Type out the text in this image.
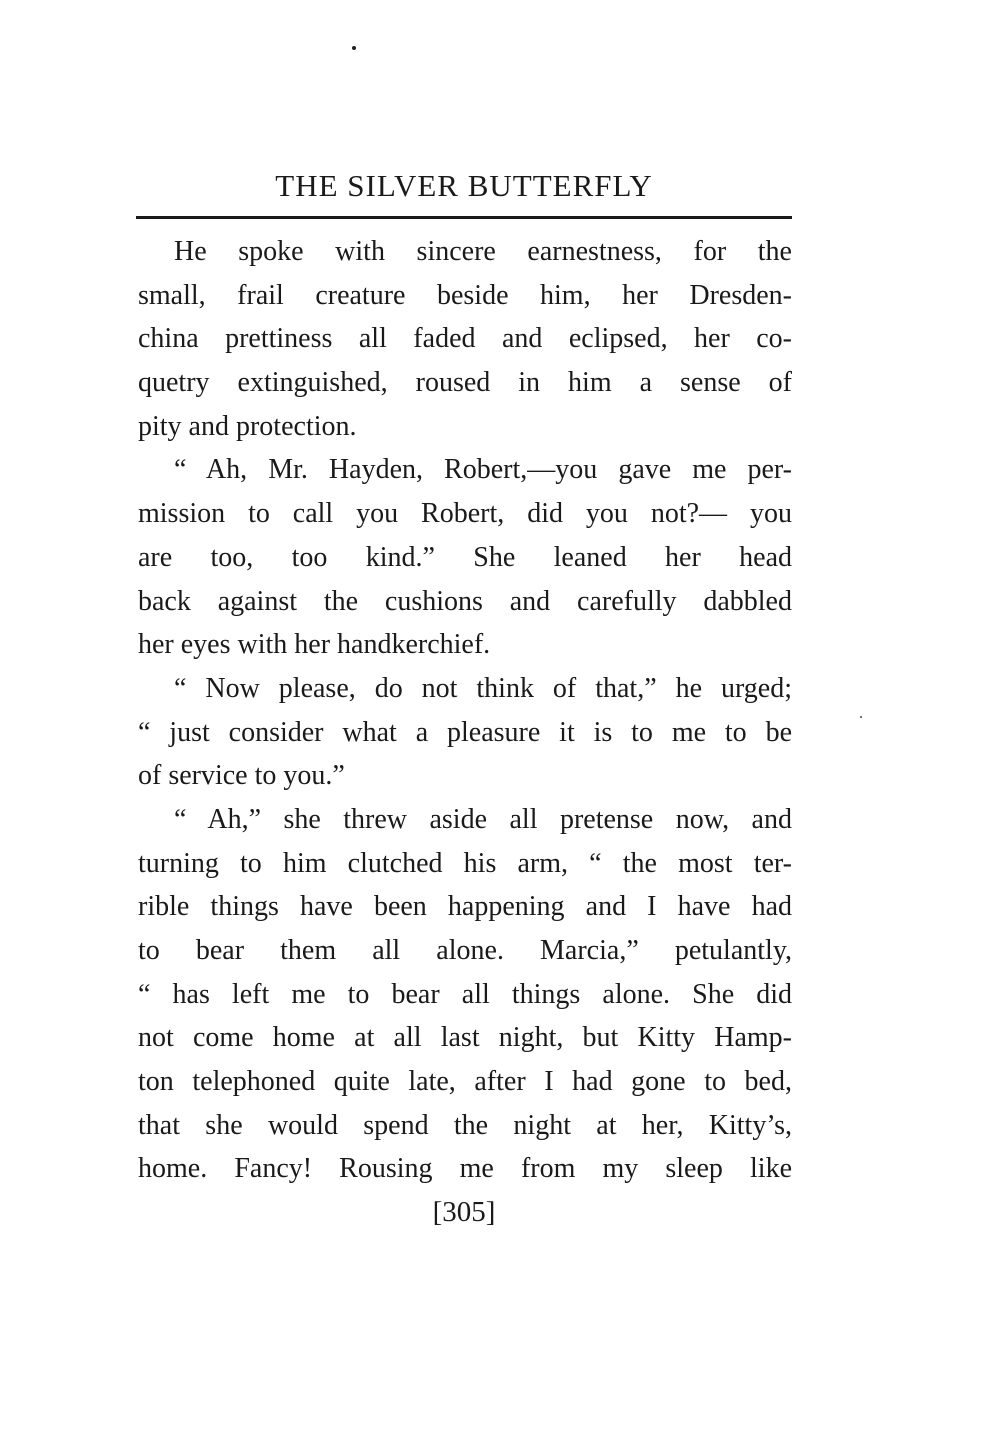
THE SILVER BUTTERFLY
He spoke with sincere earnestness, for the
small, frail creature beside him, her Dresden-
china prettiness all faded and eclipsed, her co-
quetry extinguished, roused in him a sense of
pity and protection.
“ Ah, Mr. Hayden, Robert,—you gave me per-
mission to call you Robert, did you not?— you
are too, too kind.” She leaned her head
back against the cushions and carefully dabbled
her eyes with her handkerchief.
“ Now please, do not think of that,” he urged;
“ just consider what a pleasure it is to me to be
of service to you.”
“ Ah,” she threw aside all pretense now, and
turning to him clutched his arm, “ the most ter-
rible things have been happening and I have had
to bear them all alone. Marcia,” petulantly,
“ has left me to bear all things alone. She did
not come home at all last night, but Kitty Hamp-
ton telephoned quite late, after I had gone to bed,
that she would spend the night at her, Kitty’s,
home. Fancy! Rousing me from my sleep like
[305]
